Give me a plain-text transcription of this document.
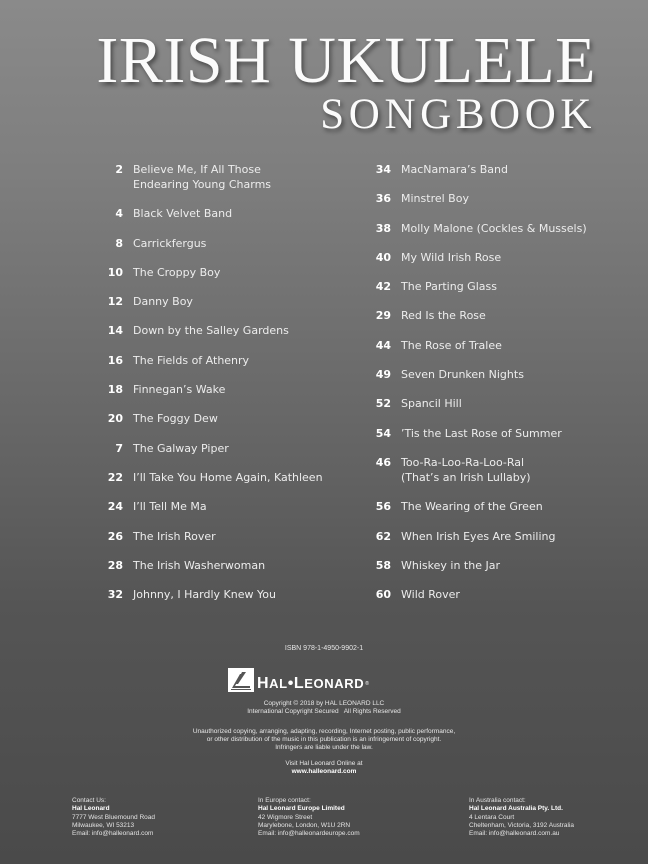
IRISH UKULELE
SONGBOOK
2 Believe Me, If All Those
Endearing Young Charms
4 Black Velvet Band
8 Carrickfergus
10 The Croppy Boy
12 Danny Boy
14 Down by the Salley Gardens
16 The Fields of Athenry
18 Finnegan’s Wake
20 The Foggy Dew
7 The Galway Piper
22 I’ll Take You Home Again, Kathleen
24 I’ll Tell Me Ma
26 The Irish Rover
28 The Irish Washerwoman
32 Johnny, I Hardly Knew You
34 MacNamara’s Band
36 Minstrel Boy
38 Molly Malone (Cockles & Mussels)
40 My Wild Irish Rose
42 The Parting Glass
29 Red Is the Rose
44 The Rose of Tralee
49 Seven Drunken Nights
52 Spancil Hill
54 ’Tis the Last Rose of Summer
46 Too-Ra-Loo-Ra-Loo-Ral
(That’s an Irish Lullaby)
56 The Wearing of the Green
62 When Irish Eyes Are Smiling
58 Whiskey in the Jar
60 Wild Rover
ISBN 978-1-4950-9902-1
H AL • L EONARD ®
Copyright © 2018 by HAL LEONARD LLC
International Copyright Secured   All Rights Reserved
Unauthorized copying, arranging, adapting, recording, Internet posting, public performance,
or other distribution of the music in this publication is an infringement of copyright.
Infringers are liable under the law.
Visit Hal Leonard Online at
www.halleonard.com
Contact Us:
Hal Leonard
7777 West Bluemound Road
Milwaukee, WI 53213
Email: info@halleonard.com
In Europe contact:
Hal Leonard Europe Limited
42 Wigmore Street
Marylebone, London, W1U 2RN
Email: info@halleonardeurope.com
In Australia contact:
Hal Leonard Australia Pty. Ltd.
4 Lentara Court
Cheltenham, Victoria, 3192 Australia
Email: info@halleonard.com.au
